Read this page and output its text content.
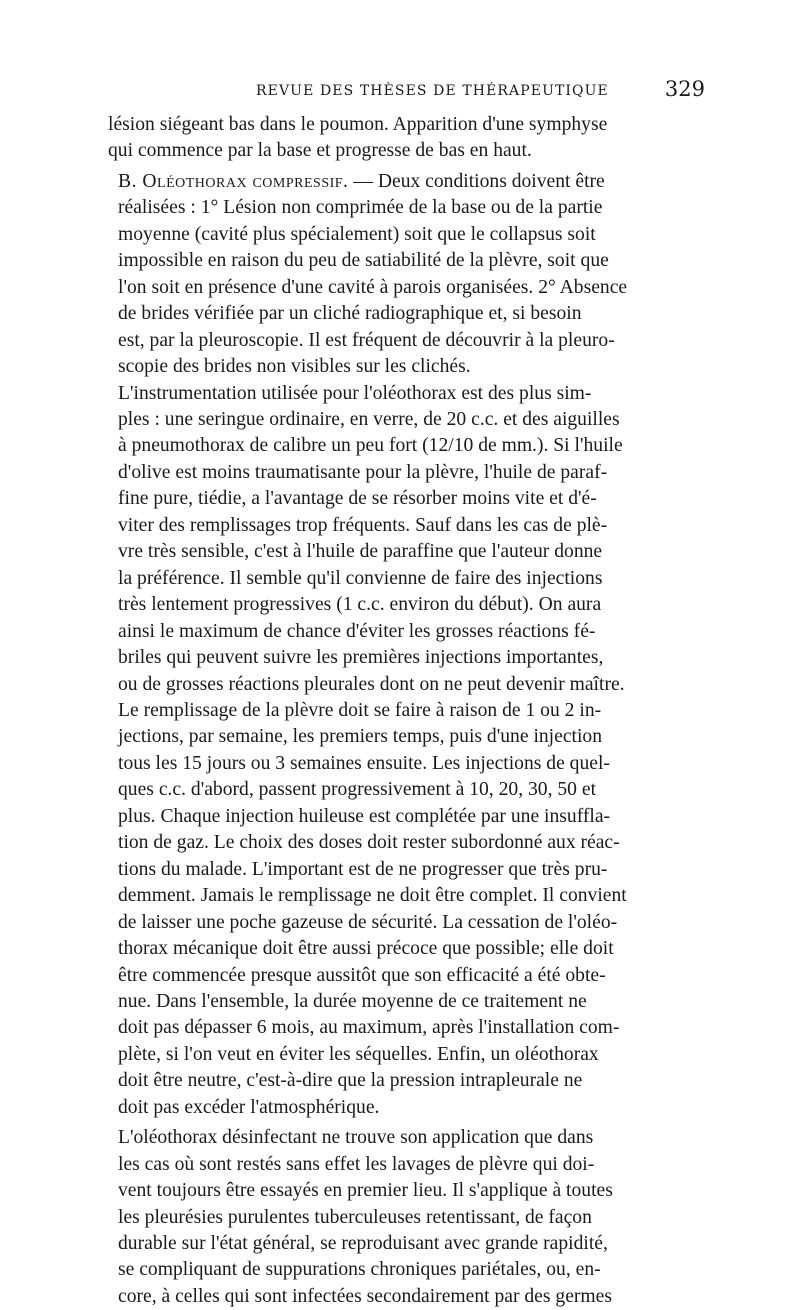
REVUE DES THÈSES DE THÉRAPEUTIQUE	329

lésion siégeant bas dans le poumon. Apparition d'une symphyse
qui commence par la base et progresse de bas en haut.

B. Oléothorax compressif. — Deux conditions doivent être
réalisées : 1° Lésion non comprimée de la base ou de la partie
moyenne (cavité plus spécialement) soit que le collapsus soit
impossible en raison du peu de satiabilité de la plèvre, soit que
l'on soit en présence d'une cavité à parois organisées. 2° Absence
de brides vérifiée par un cliché radiographique et, si besoin
est, par la pleuroscopie. Il est fréquent de découvrir à la pleuro-
scopie des brides non visibles sur les clichés.

L'instrumentation utilisée pour l'oléothorax est des plus sim-
ples : une seringue ordinaire, en verre, de 20 c.c. et des aiguilles
à pneumothorax de calibre un peu fort (12/10 de mm.). Si l'huile
d'olive est moins traumatisante pour la plèvre, l'huile de paraf-
fine pure, tiédie, a l'avantage de se résorber moins vite et d'é-
viter des remplissages trop fréquents. Sauf dans les cas de plè-
vre très sensible, c'est à l'huile de paraffine que l'auteur donne
la préférence. Il semble qu'il convienne de faire des injections
très lentement progressives (1 c.c. environ du début). On aura
ainsi le maximum de chance d'éviter les grosses réactions fé-
briles qui peuvent suivre les premières injections importantes,
ou de grosses réactions pleurales dont on ne peut devenir maître.
Le remplissage de la plèvre doit se faire à raison de 1 ou 2 in-
jections, par semaine, les premiers temps, puis d'une injection
tous les 15 jours ou 3 semaines ensuite. Les injections de quel-
ques c.c. d'abord, passent progressivement à 10, 20, 30, 50 et
plus. Chaque injection huileuse est complétée par une insuffla-
tion de gaz. Le choix des doses doit rester subordonné aux réac-
tions du malade. L'important est de ne progresser que très pru-
demment. Jamais le remplissage ne doit être complet. Il convient
de laisser une poche gazeuse de sécurité. La cessation de l'oléo-
thorax mécanique doit être aussi précoce que possible; elle doit
être commencée presque aussitôt que son efficacité a été obte-
nue. Dans l'ensemble, la durée moyenne de ce traitement ne
doit pas dépasser 6 mois, au maximum, après l'installation com-
plète, si l'on veut en éviter les séquelles. Enfin, un oléothorax
doit être neutre, c'est-à-dire que la pression intrapleurale ne
doit pas excéder l'atmosphérique.

L'oléothorax désinfectant ne trouve son application que dans
les cas où sont restés sans effet les lavages de plèvre qui doi-
vent toujours être essayés en premier lieu. Il s'applique à toutes
les pleurésies purulentes tuberculeuses retentissant, de façon
durable sur l'état général, se reproduisant avec grande rapidité,
se compliquant de suppurations chroniques pariétales, ou, en-
core, à celles qui sont infectées secondairement par des germes
